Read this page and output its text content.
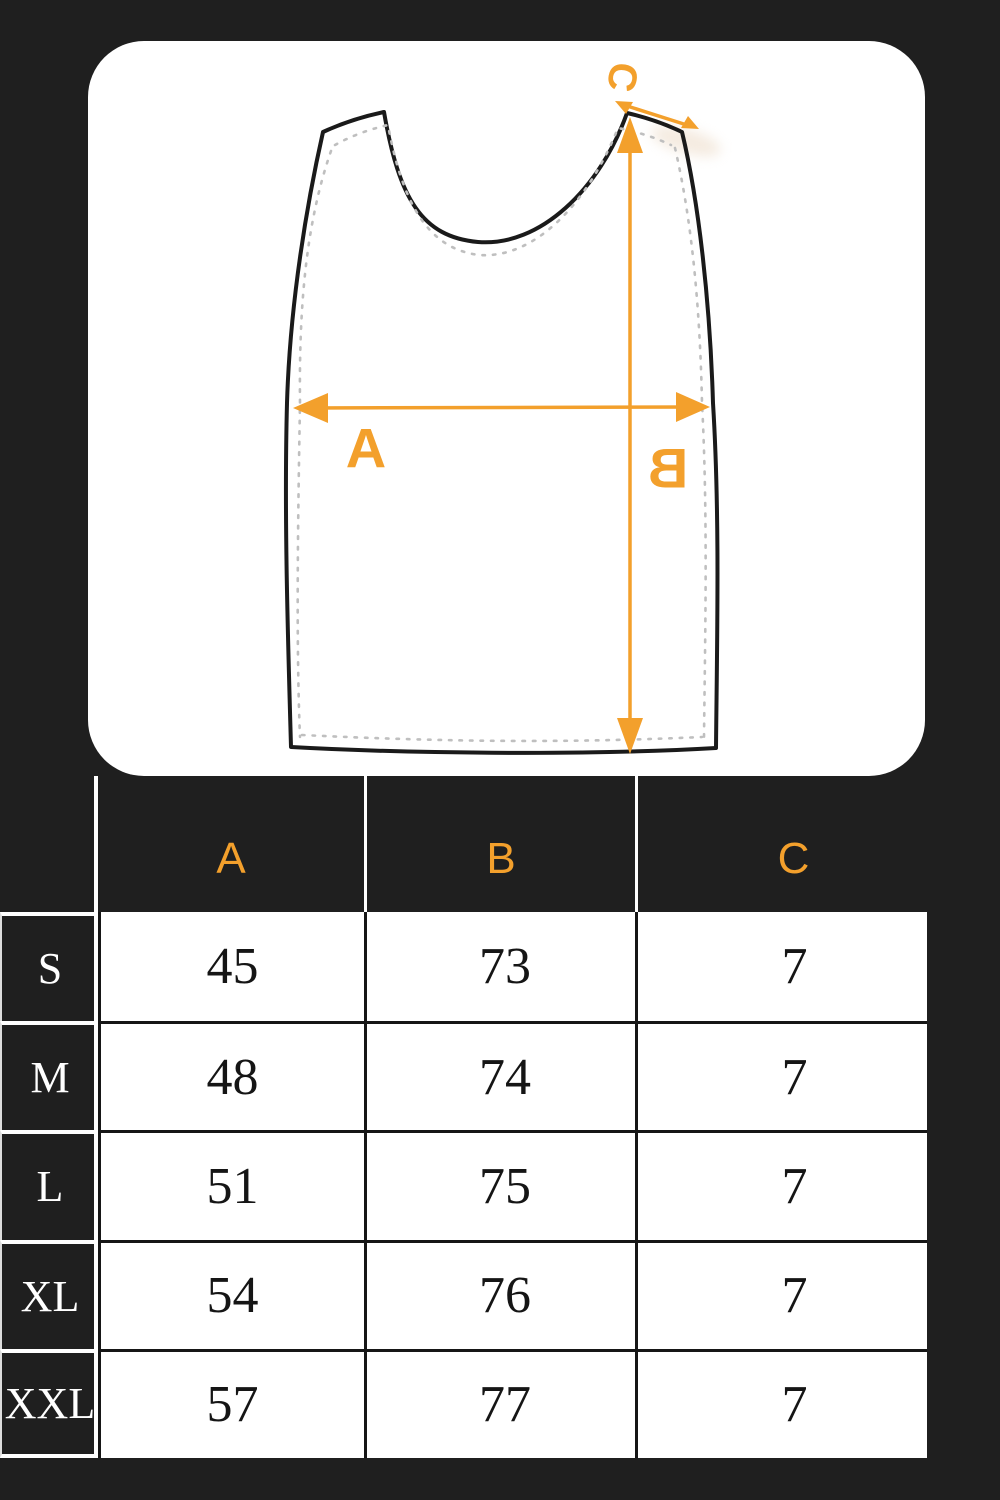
A	B
C
A	B	C
S	45	73	7
M	48	74	7
L	51	75	7
XL	54	76	7
XXL	57	77	7
